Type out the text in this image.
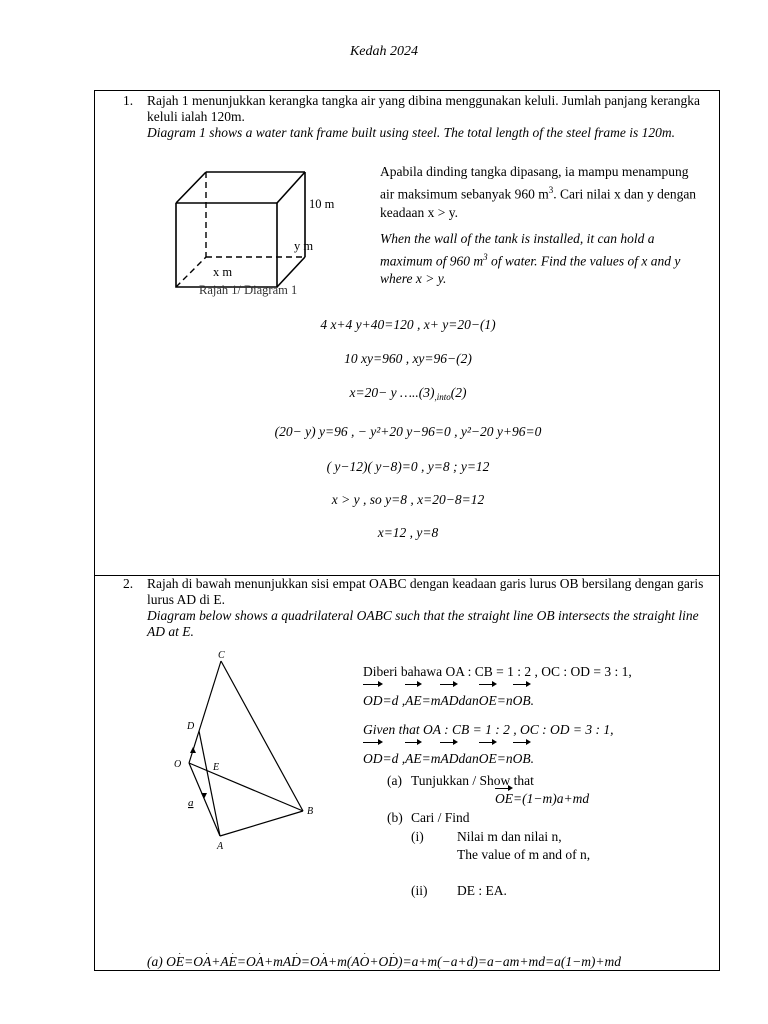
Kedah 2024
1.	Rajah 1 menunjukkan kerangka tangka air yang dibina menggunakan keluli. Jumlah panjang kerangka keluli ialah 120m.
Diagram 1 shows a water tank frame built using steel. The total length of the steel frame is 120m.
10 m
y m
x m
Rajah 1/ Diagram 1
Apabila dinding tangka dipasang, ia mampu menampung air maksimum sebanyak 960 $m^3$. Cari nilai x dan y dengan keadaan x > y.
When the wall of the tank is installed, it can hold a maximum of 960 $m^3$ of water. Find the values of x and y where x > y.
4 x+4 y+40=120 , x+ y=20−(1)
10 xy=960 , xy=96−(2)
x=20− y $\dots..(3)_{,into}(2)$
(20− y) y=96 , − y²+20 y−96=0 , y²−20 y+96=0
( y−12)( y−8)=0 , y=8 ; y=12
x > y , so y=8 , x=20−8=12
x=12 , y=8
2.	Rajah di bawah menunjukkan sisi empat OABC dengan keadaan garis lurus OB bersilang dengan garis lurus AD di E.
Diagram below shows a quadrilateral OABC such that the straight line OB intersects the straight line AD at E.
C
D
O	E
a
B
A
Diberi bahawa OA : CB = 1 : 2 , OC : OD = 3 : 1,
OD=d ,AE=mADdanOE=nOB.
Given that OA : CB = 1 : 2 , OC : OD = 3 : 1,
OD=d ,AE=mADdanOE=nOB.
(a) Tunjukkan / Show that
OE=(1−m)a+md
(b) Cari / Find
(i) Nilai m dan nilai n,
The value of m and of n,
(ii) DE : EA.
(a) OE=OA+AE=OA+mAD=OA+m(AO+OD)=a+m(−a+d)=a−am+md=a(1−m)+md
